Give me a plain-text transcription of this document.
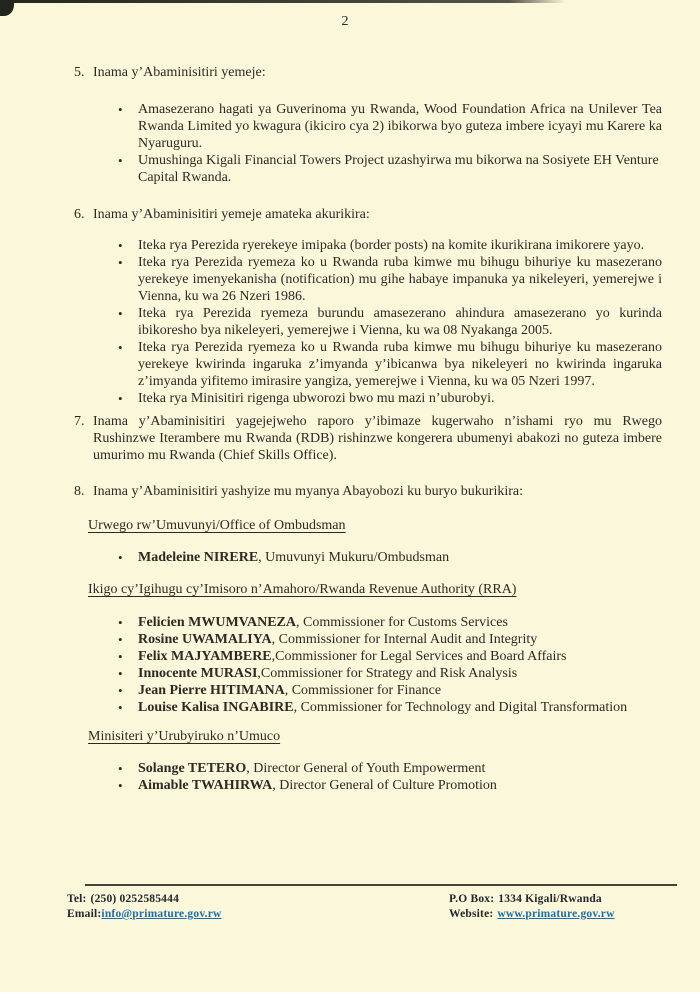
2
5. Inama y’Abaminisitiri yemeje:
•	Amasezerano hagati ya Guverinoma yu Rwanda, Wood Foundation Africa na Unilever Tea Rwanda Limited yo kwagura (ikiciro cya 2) ibikorwa byo guteza imbere icyayi mu Karere ka Nyaruguru.

•	Umushinga Kigali Financial Towers Project uzashyirwa mu bikorwa na Sosiyete EH Venture Capital Rwanda.

6. Inama y’Abaminisitiri yemeje amateka akurikira:
•	Iteka rya Perezida ryerekeye imipaka (border posts) na komite ikurikirana imikorere yayo.

•	Iteka rya Perezida ryemeza ko u Rwanda ruba kimwe mu bihugu bihuriye ku masezerano yerekeye imenyekanisha (notification) mu gihe habaye impanuka ya nikeleyeri, yemerejwe i Vienna, ku wa 26 Nzeri 1986.

•	Iteka rya Perezida ryemeza burundu amasezerano ahindura amasezerano yo kurinda ibikoresho bya nikeleyeri, yemerejwe i Vienna, ku wa 08 Nyakanga 2005.

•	Iteka rya Perezida ryemeza ko u Rwanda ruba kimwe mu bihugu bihuriye ku masezerano yerekeye kwirinda ingaruka z’imyanda y’ibicanwa bya nikeleyeri no kwirinda ingaruka z’imyanda yifitemo imirasire yangiza, yemerejwe i Vienna, ku wa 05 Nzeri 1997.

•	Iteka rya Minisitiri rigenga ubworozi bwo mu mazi n’uburobyi.

7. Inama y’Abaminisitiri yagejejweho raporo y’ibimaze kugerwaho n’ishami ryo mu Rwego Rushinzwe Iterambere mu Rwanda (RDB) rishinzwe kongerera ubumenyi abakozi no guteza imbere umurimo mu Rwanda (Chief Skills Office).
8. Inama y’Abaminisitiri yashyize mu myanya Abayobozi ku buryo bukurikira:
Urwego rw’Umuvunyi/Office of Ombudsman
•	Madeleine NIRERE, Umuvunyi Mukuru/Ombudsman

Ikigo cy’Igihugu cy’Imisoro n’Amahoro/Rwanda Revenue Authority (RRA)
•	Felicien MWUMVANEZA, Commissioner for Customs Services

•	Rosine UWAMALIYA, Commissioner for Internal Audit and Integrity

•	Felix MAJYAMBERE,Commissioner for Legal Services and Board Affairs

•	Innocente MURASI,Commissioner for Strategy and Risk Analysis

•	Jean Pierre HITIMANA, Commissioner for Finance

•	Louise Kalisa INGABIRE, Commissioner for Technology and Digital Transformation

Minisiteri y’Urubyiruko n’Umuco
•	Solange TETERO, Director General of Youth Empowerment

•	Aimable TWAHIRWA, Director General of Culture Promotion

Tel: (250) 0252585444
Email:info@primature.gov.rw
P.O Box: 1334 Kigali/Rwanda
Website: www.primature.gov.rw
